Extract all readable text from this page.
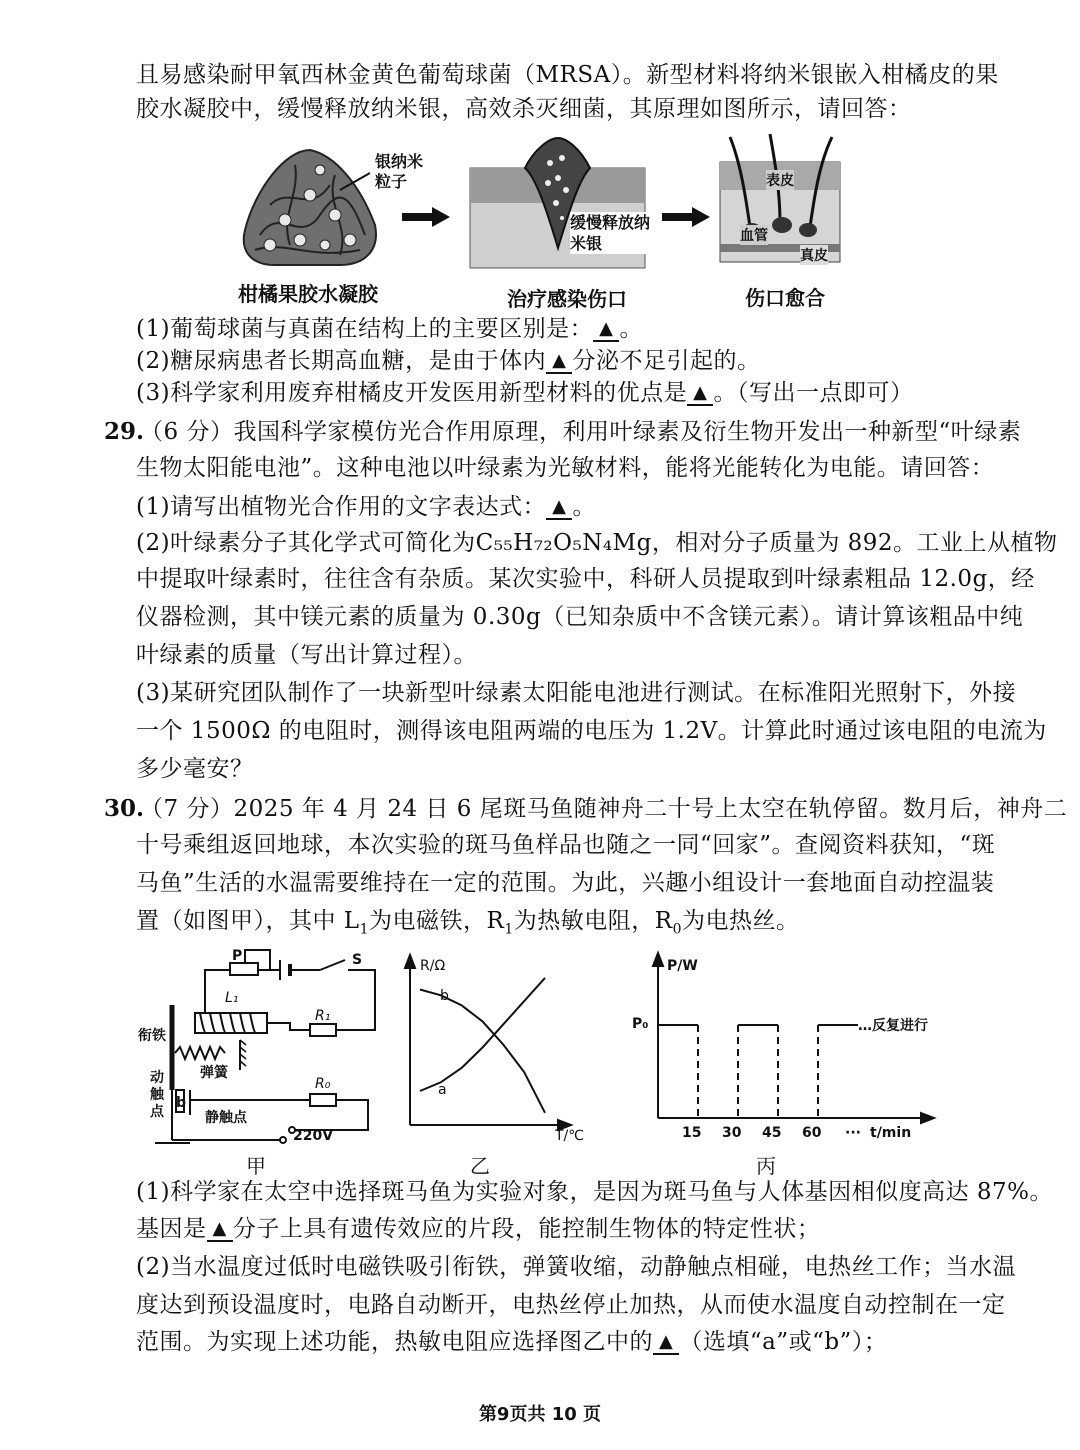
且易感染耐甲氧西林金黄色葡萄球菌（MRSA）。新型材料将纳米银嵌入柑橘皮的果
胶水凝胶中，缓慢释放纳米银，高效杀灭细菌，其原理如图所示，请回答：
银纳米粒子
柑橘果胶水凝胶
缓慢释放纳米银
治疗感染伤口
表皮
血管
真皮
伤口愈合
(1)葡萄球菌与真菌在结构上的主要区别是： ▲ 。
(2)糖尿病患者长期高血糖，是由于体内 ▲ 分泌不足引起的。
(3)科学家利用废弃柑橘皮开发医用新型材料的优点是 ▲ 。（写出一点即可）
29.
（6 分）我国科学家模仿光合作用原理，利用叶绿素及衍生物开发出一种新型“叶绿素
生物太阳能电池”。这种电池以叶绿素为光敏材料，能将光能转化为电能。请回答：
(1)请写出植物光合作用的文字表达式： ▲ 。
(2)叶绿素分子其化学式可简化为C₅₅H₇₂O₅N₄Mg，相对分子质量为 892。工业上从植物
中提取叶绿素时，往往含有杂质。某次实验中，科研人员提取到叶绿素粗品 12.0g，经
仪器检测，其中镁元素的质量为 0.30g（已知杂质中不含镁元素）。请计算该粗品中纯
叶绿素的质量（写出计算过程）。
(3)某研究团队制作了一块新型叶绿素太阳能电池进行测试。在标准阳光照射下，外接
一个 1500Ω 的电阻时，测得该电阻两端的电压为 1.2V。计算此时通过该电阻的电流为
多少毫安？
30.
（7 分）2025 年 4 月 24 日 6 尾斑马鱼随神舟二十号上太空在轨停留。数月后，神舟二
十号乘组返回地球，本次实验的斑马鱼样品也随之一同“回家”。查阅资料获知，“斑
马鱼”生活的水温需要维持在一定的范围。为此，兴趣小组设计一套地面自动控温装
置（如图甲），其中 $L_1$为电磁铁，$R_1$为热敏电阻，$R_0$为电热丝。
P	S
L₁
R₁
衔铁
弹簧
动触点
b
R₀
静触点
220V
甲
R/Ω
b
a
T/℃
乙
P/W
P₀	…反复进行
15 30 45 60 ··· t/min
丙
(1)科学家在太空中选择斑马鱼为实验对象，是因为斑马鱼与人体基因相似度高达 87%。
基因是 ▲ 分子上具有遗传效应的片段，能控制生物体的特定性状；
(2)当水温度过低时电磁铁吸引衔铁，弹簧收缩，动静触点相碰，电热丝工作；当水温
度达到预设温度时，电路自动断开，电热丝停止加热，从而使水温度自动控制在一定
范围。为实现上述功能，热敏电阻应选择图乙中的 ▲ （选填“a”或“b”）；
第9页共 10 页
